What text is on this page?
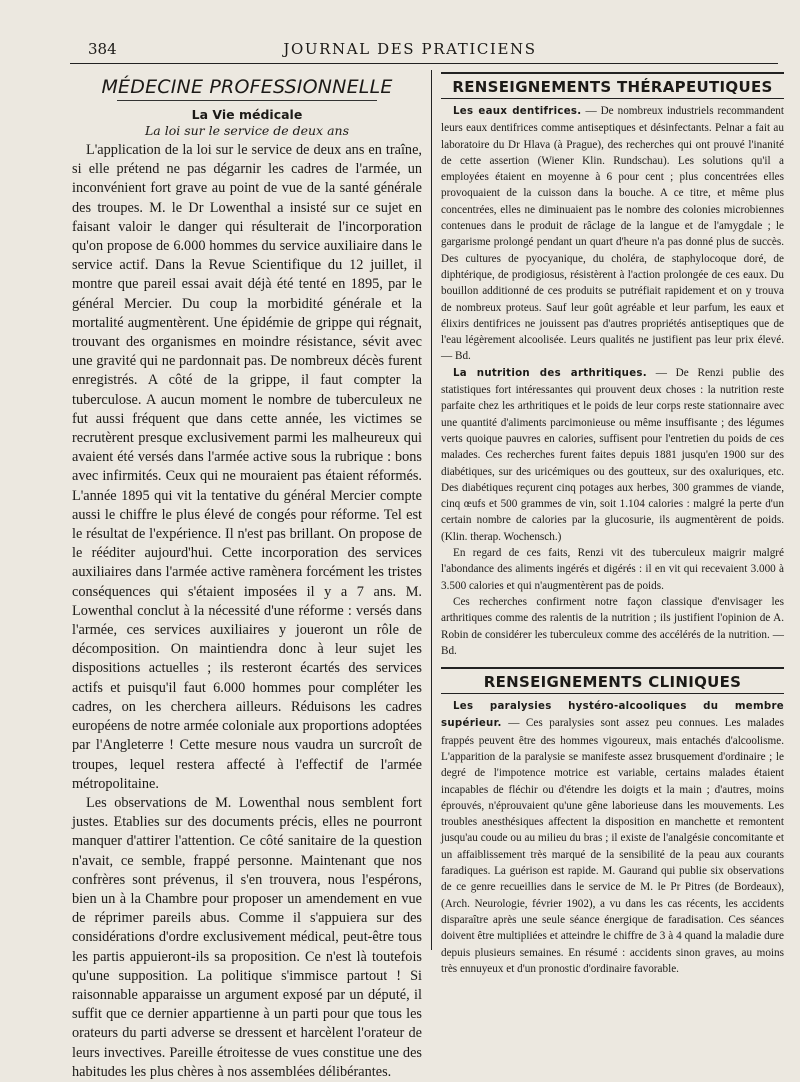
384	JOURNAL DES PRATICIENS
MÉDECINE PROFESSIONNELLE
La Vie médicale
La loi sur le service de deux ans

L'application de la loi sur le service de deux ans en traîne, si elle prétend ne pas dégarnir les cadres de l'armée, un inconvénient fort grave au point de vue de la santé générale des troupes. M. le Dr Lowenthal a insisté sur ce sujet en faisant valoir le danger qui résulterait de l'incorporation qu'on propose de 6.000 hommes du service auxiliaire dans le service actif. Dans la Revue Scientifique du 12 juillet, il montre que pareil essai avait déjà été tenté en 1895, par le général Mercier. Du coup la morbidité générale et la mortalité augmentèrent. Une épidémie de grippe qui régnait, trouvant des organismes en moindre résistance, sévit avec une gravité qui ne pardonnait pas. De nombreux décès furent enregistrés. A côté de la grippe, il faut compter la tuberculose. A aucun moment le nombre de tuberculeux ne fut aussi fréquent que dans cette année, les victimes se recrutèrent presque exclusivement parmi les malheureux qui avaient été versés dans l'armée active sous la rubrique : bons avec infirmités. Ceux qui ne mouraient pas étaient réformés. L'année 1895 qui vit la tentative du général Mercier compte aussi le chiffre le plus élevé de congés pour réforme. Tel est le résultat de l'expérience. Il n'est pas brillant. On propose de le rééditer aujourd'hui. Cette incorporation des services auxiliaires dans l'armée active ramènera forcément les tristes conséquences qui s'étaient imposées il y a 7 ans. M. Lowenthal conclut à la nécessité d'une réforme : versés dans l'armée, ces services auxiliaires y joueront un rôle de décomposition. On maintiendra donc à leur sujet les dispositions actuelles ; ils resteront écartés des services actifs et puisqu'il faut 6.000 hommes pour compléter les cadres, on les cherchera ailleurs. Réduisons les cadres européens de notre armée coloniale aux proportions adoptées par l'Angleterre ! Cette mesure nous vaudra un surcroît de troupes, lequel restera affecté à l'effectif de l'armée métropolitaine.

Les observations de M. Lowenthal nous semblent fort justes. Etablies sur des documents précis, elles ne pourront manquer d'attirer l'attention. Ce côté sanitaire de la question n'avait, ce semble, frappé personne. Maintenant que nos confrères sont prévenus, il s'en trouvera, nous l'espérons, bien un à la Chambre pour proposer un amendement en vue de réprimer pareils abus. Comme il s'appuiera sur des considérations d'ordre exclusivement médical, peut-être tous les partis appuieront-ils sa proposition. Ce n'est là toutefois qu'une supposition. La politique s'immisce partout ! Si raisonnable apparaisse un argument exposé par un député, il suffit que ce dernier appartienne à un parti pour que tous les orateurs du parti adverse se dressent et harcèlent l'orateur de leurs invectives. Pareille étroitesse de vues constitue une des habitudes les plus chères à nos assemblées délibérantes.

RENSEIGNEMENTS THÉRAPEUTIQUES

Les eaux dentifrices. — De nombreux industriels recommandent leurs eaux dentifrices comme antiseptiques et désinfectants. Pelnar a fait au laboratoire du Dr Hlava (à Prague), des recherches qui ont prouvé l'inanité de cette assertion (Wiener Klin. Rundschau). Les solutions qu'il a employées étaient en moyenne à 6 pour cent ; plus concentrées elles provoquaient de la cuisson dans la bouche. A ce titre, et même plus concentrées, elles ne diminuaient pas le nombre des colonies microbiennes contenues dans le produit de râclage de la langue et de l'amygdale ; le gargarisme prolongé pendant un quart d'heure n'a pas donné plus de succès. Des cultures de pyocyanique, du choléra, de staphylocoque doré, de diphtérique, de prodigiosus, résistèrent à l'action prolongée de ces eaux. Du bouillon additionné de ces produits se putréfiait rapidement et on y trouva de nombreux proteus. Sauf leur goût agréable et leur parfum, les eaux et élixirs dentifrices ne jouissent pas d'autres propriétés antiseptiques que de l'eau légèrement alcoolisée. Leurs qualités ne justifient pas leur prix élevé. — Bd.

La nutrition des arthritiques. — De Renzi publie des statistiques fort intéressantes qui prouvent deux choses : la nutrition reste parfaite chez les arthritiques et le poids de leur corps reste stationnaire avec une quantité d'aliments parcimonieuse ou même insuffisante ; des légumes verts quoique pauvres en calories, suffisent pour l'entretien du poids de ces malades. Ces recherches furent faites depuis 1881 jusqu'en 1900 sur des diabétiques, sur des uricémiques ou des goutteux, sur des oxaluriques, etc. Des diabétiques reçurent cinq potages aux herbes, 300 grammes de viande, cinq œufs et 500 grammes de vin, soit 1.104 calories : malgré la perte d'un certain nombre de calories par la glucosurie, ils augmentèrent de poids. (Klin. therap. Wochensch.)

En regard de ces faits, Renzi vit des tuberculeux maigrir malgré l'abondance des aliments ingérés et digérés : il en vit qui recevaient 3.000 à 3.500 calories et qui n'augmentèrent pas de poids.

Ces recherches confirment notre façon classique d'envisager les arthritiques comme des ralentis de la nutrition ; ils justifient l'opinion de A. Robin de considérer les tuberculeux comme des accélérés de la nutrition. — Bd.

RENSEIGNEMENTS CLINIQUES

Les paralysies hystéro-alcooliques du membre supérieur. — Ces paralysies sont assez peu connues. Les malades frappés peuvent être des hommes vigoureux, mais entachés d'alcoolisme. L'apparition de la paralysie se manifeste assez brusquement d'ordinaire ; le degré de l'impotence motrice est variable, certains malades étaient incapables de fléchir ou d'étendre les doigts et la main ; d'autres, moins éprouvés, n'éprouvaient qu'une gêne laborieuse dans les mouvements. Les troubles anesthésiques affectent la disposition en manchette et remontent jusqu'au coude ou au milieu du bras ; il existe de l'analgésie concomitante et un affaiblissement très marqué de la sensibilité de la peau aux courants faradiques. La guérison est rapide. M. Gaurand qui publie six observations de ce genre recueillies dans le service de M. le Pr Pitres (de Bordeaux), (Arch. Neurologie, février 1902), a vu dans les cas récents, les accidents disparaître après une seule séance énergique de faradisation. Ces séances doivent être multipliées et atteindre le chiffre de 3 à 4 quand la maladie dure depuis plusieurs semaines. En résumé : accidents sinon graves, au moins très ennuyeux et d'un pronostic d'ordinaire favorable.
